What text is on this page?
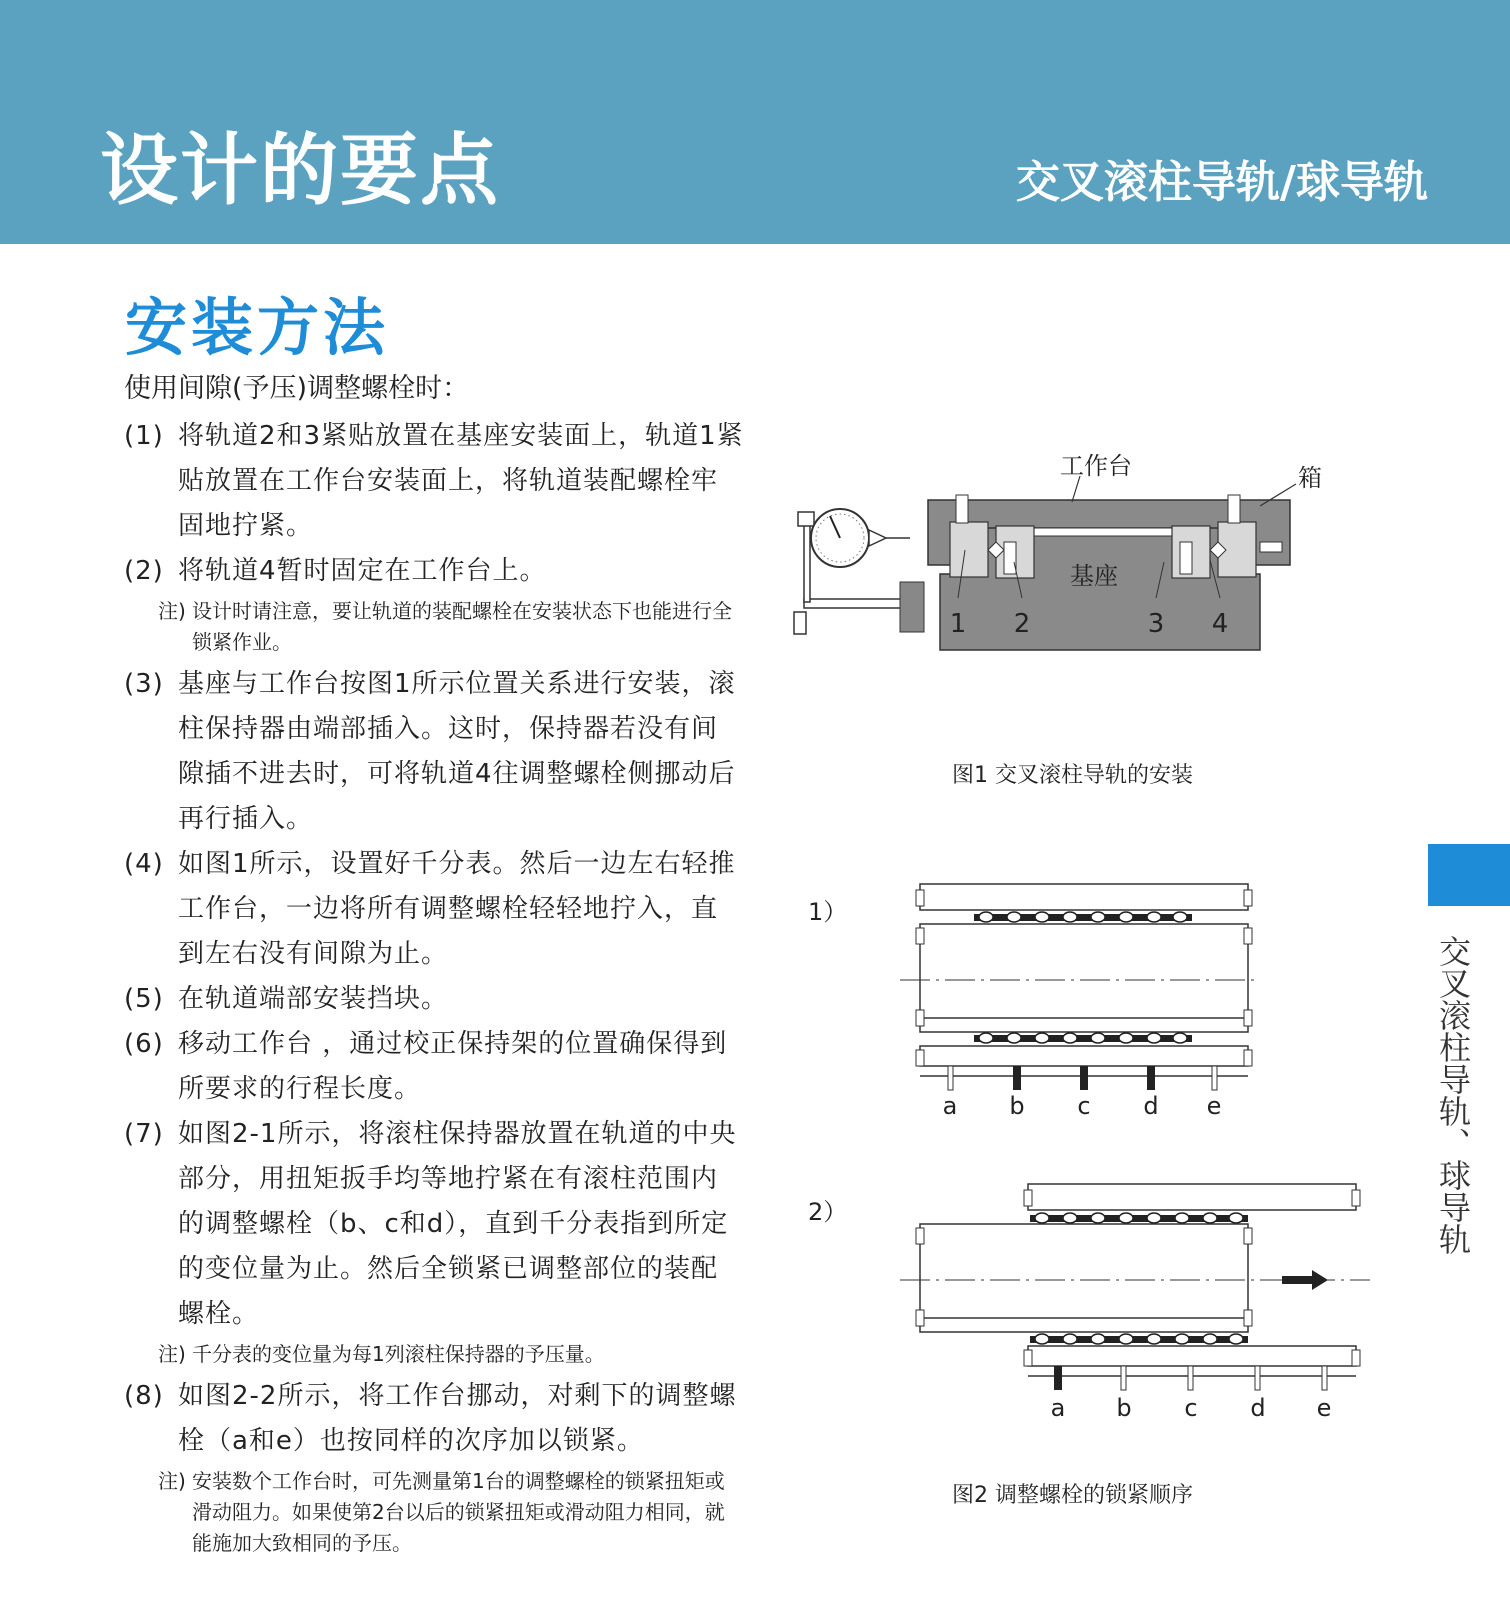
设计的要点	交叉滚柱导轨/球导轨
安装方法
使用间隙(予压)调整螺栓时：
(1) 将轨道2和3紧贴放置在基座安装面上，轨道1紧贴放置在工作台安装面上，将轨道装配螺栓牢固地拧紧。
(2) 将轨道4暂时固定在工作台上。
注) 设计时请注意，要让轨道的装配螺栓在安装状态下也能进行全锁紧作业。
(3) 基座与工作台按图1所示位置关系进行安装，滚柱保持器由端部插入。这时，保持器若没有间隙插不进去时，可将轨道4往调整螺栓侧挪动后再行插入。
(4) 如图1所示，设置好千分表。然后一边左右轻推工作台，一边将所有调整螺栓轻轻地拧入，直到左右没有间隙为止。
(5) 在轨道端部安装挡块。
(6) 移动工作台 ，通过校正保持架的位置确保得到所要求的行程长度。
(7) 如图2-1所示，将滚柱保持器放置在轨道的中央部分，用扭矩扳手均等地拧紧在有滚柱范围内的调整螺栓（b、c和d），直到千分表指到所定的变位量为止。然后全锁紧已调整部位的装配螺栓。
注) 千分表的变位量为每1列滚柱保持器的予压量。
(8) 如图2-2所示，将工作台挪动，对剩下的调整螺栓（a和e）也按同样的次序加以锁紧。
注) 安装数个工作台时，可先测量第1台的调整螺栓的锁紧扭矩或滑动阻力。如果使第2台以后的锁紧扭矩或滑动阻力相同，就能施加大致相同的予压。
工作台	箱
基座
1 2	3 4
图1 交叉滚柱导轨的安装
1）
a b c d e
2）
a b c d e
图2 调整螺栓的锁紧顺序
交叉滚柱导轨、球导轨
